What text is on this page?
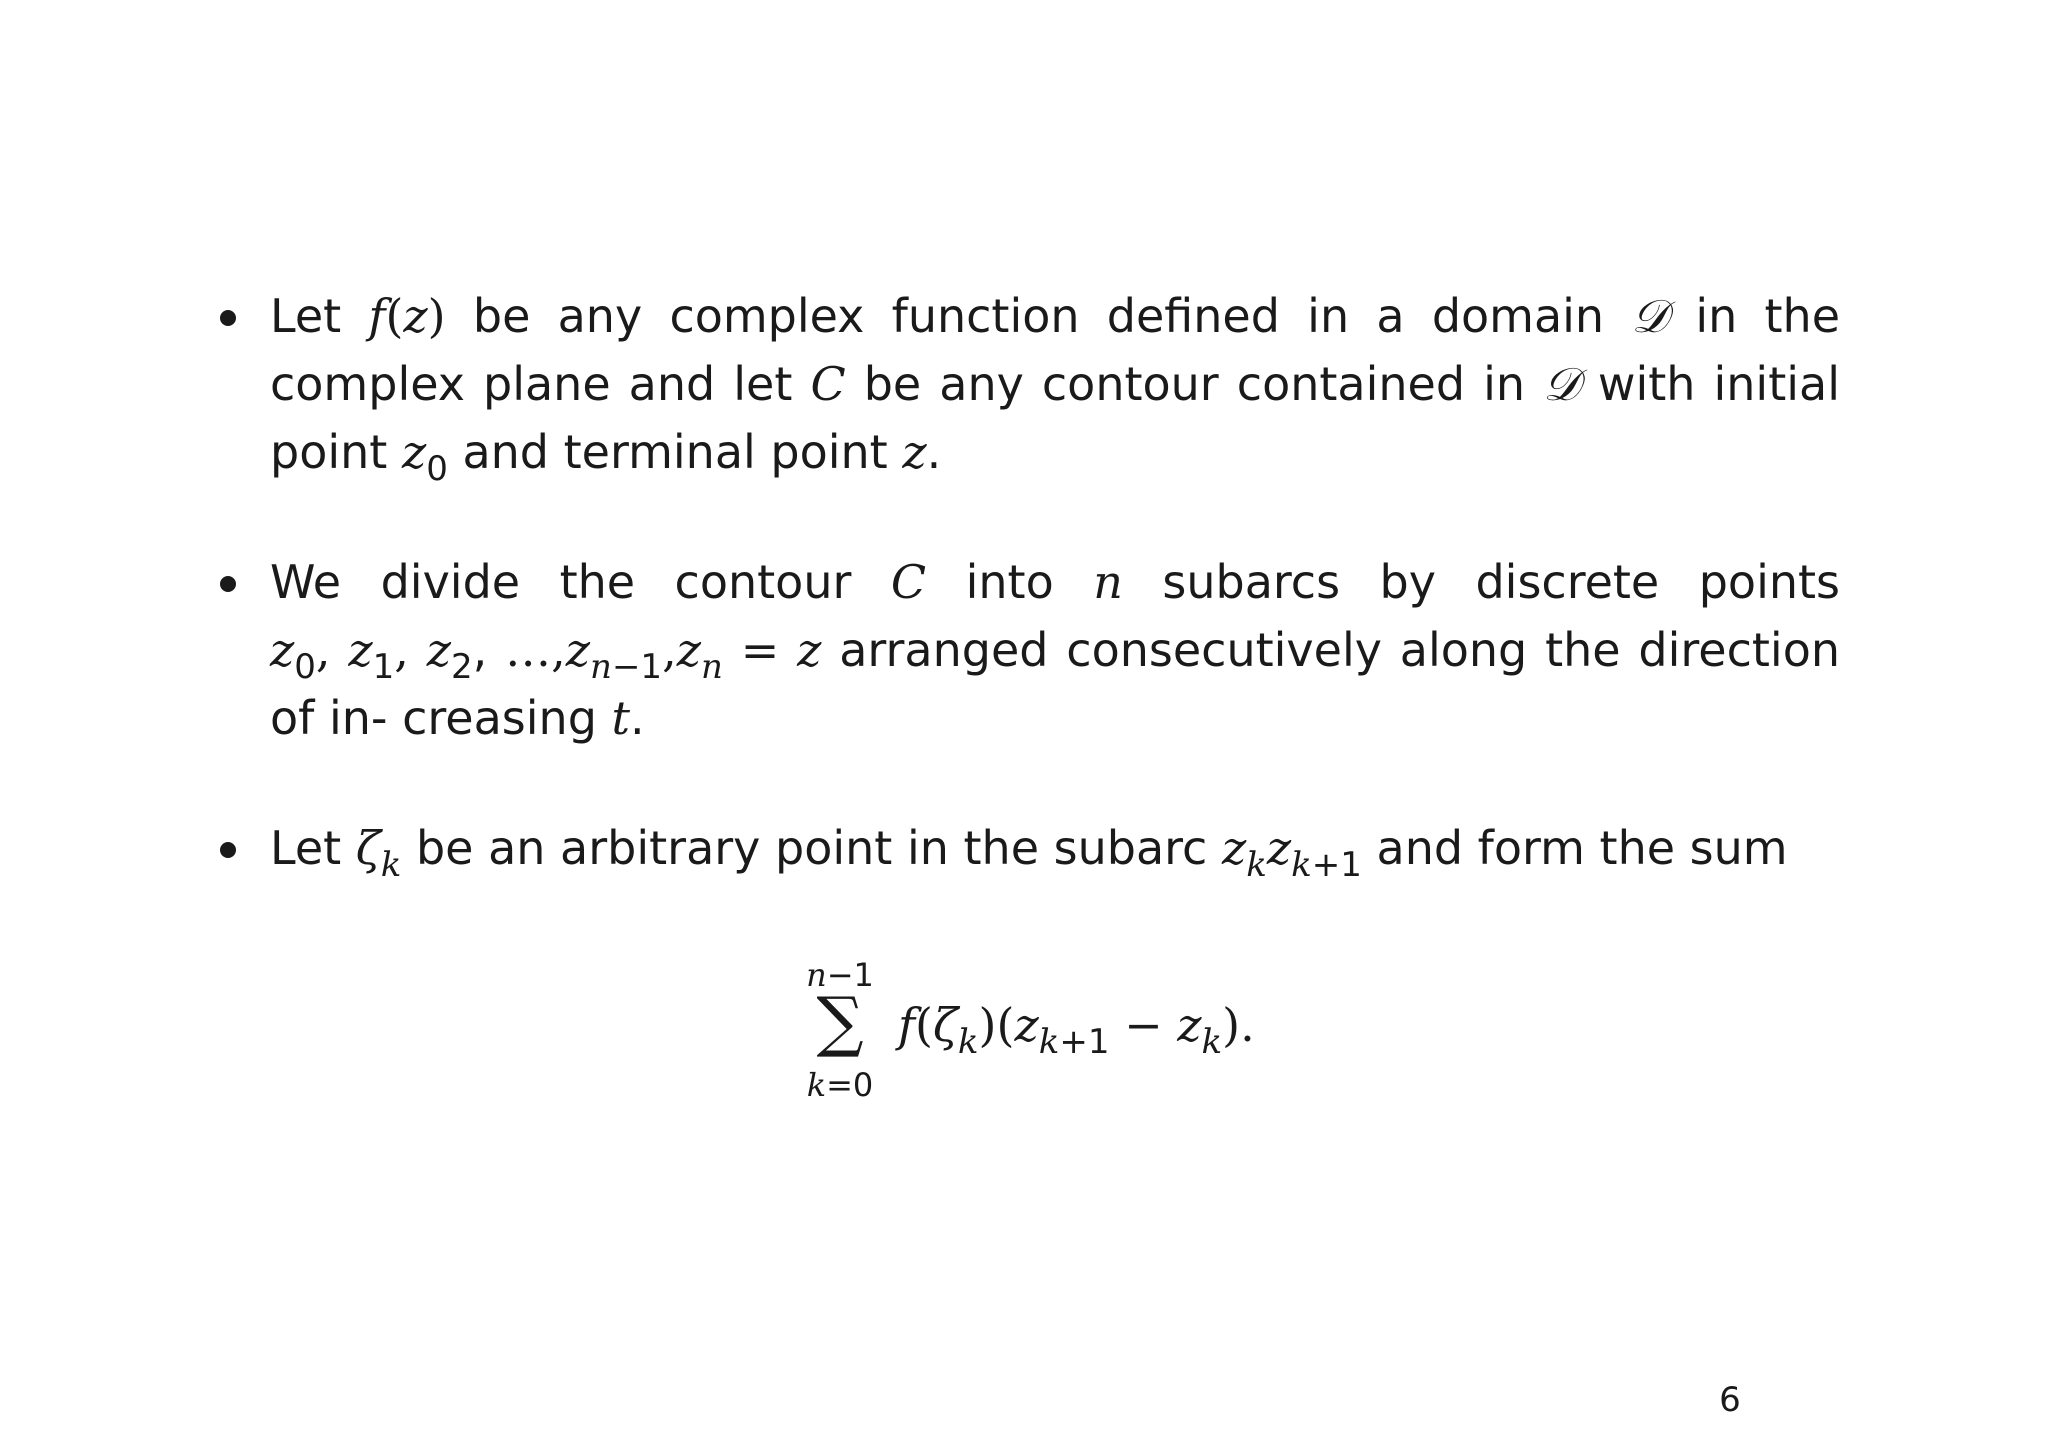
Let f(z) be any complex function defined in a domain 𝒟 in the complex plane and let C be any contour contained in 𝒟 with initial point $z_0$ and terminal point z.
We divide the contour C into n subarcs by discrete points $z_0$, $z_1$, $z_2$, $\dots,z_{n-1},z_n = z$ arranged consecutively along the direction of in- creasing t.
Let $\zeta_k$ be an arbitrary point in the subarc $z_kz_{k+1}$ and form the sum
n−1
∑
k=0
$f(\zeta_k)(z_{k+1} - z_k)$.
6
